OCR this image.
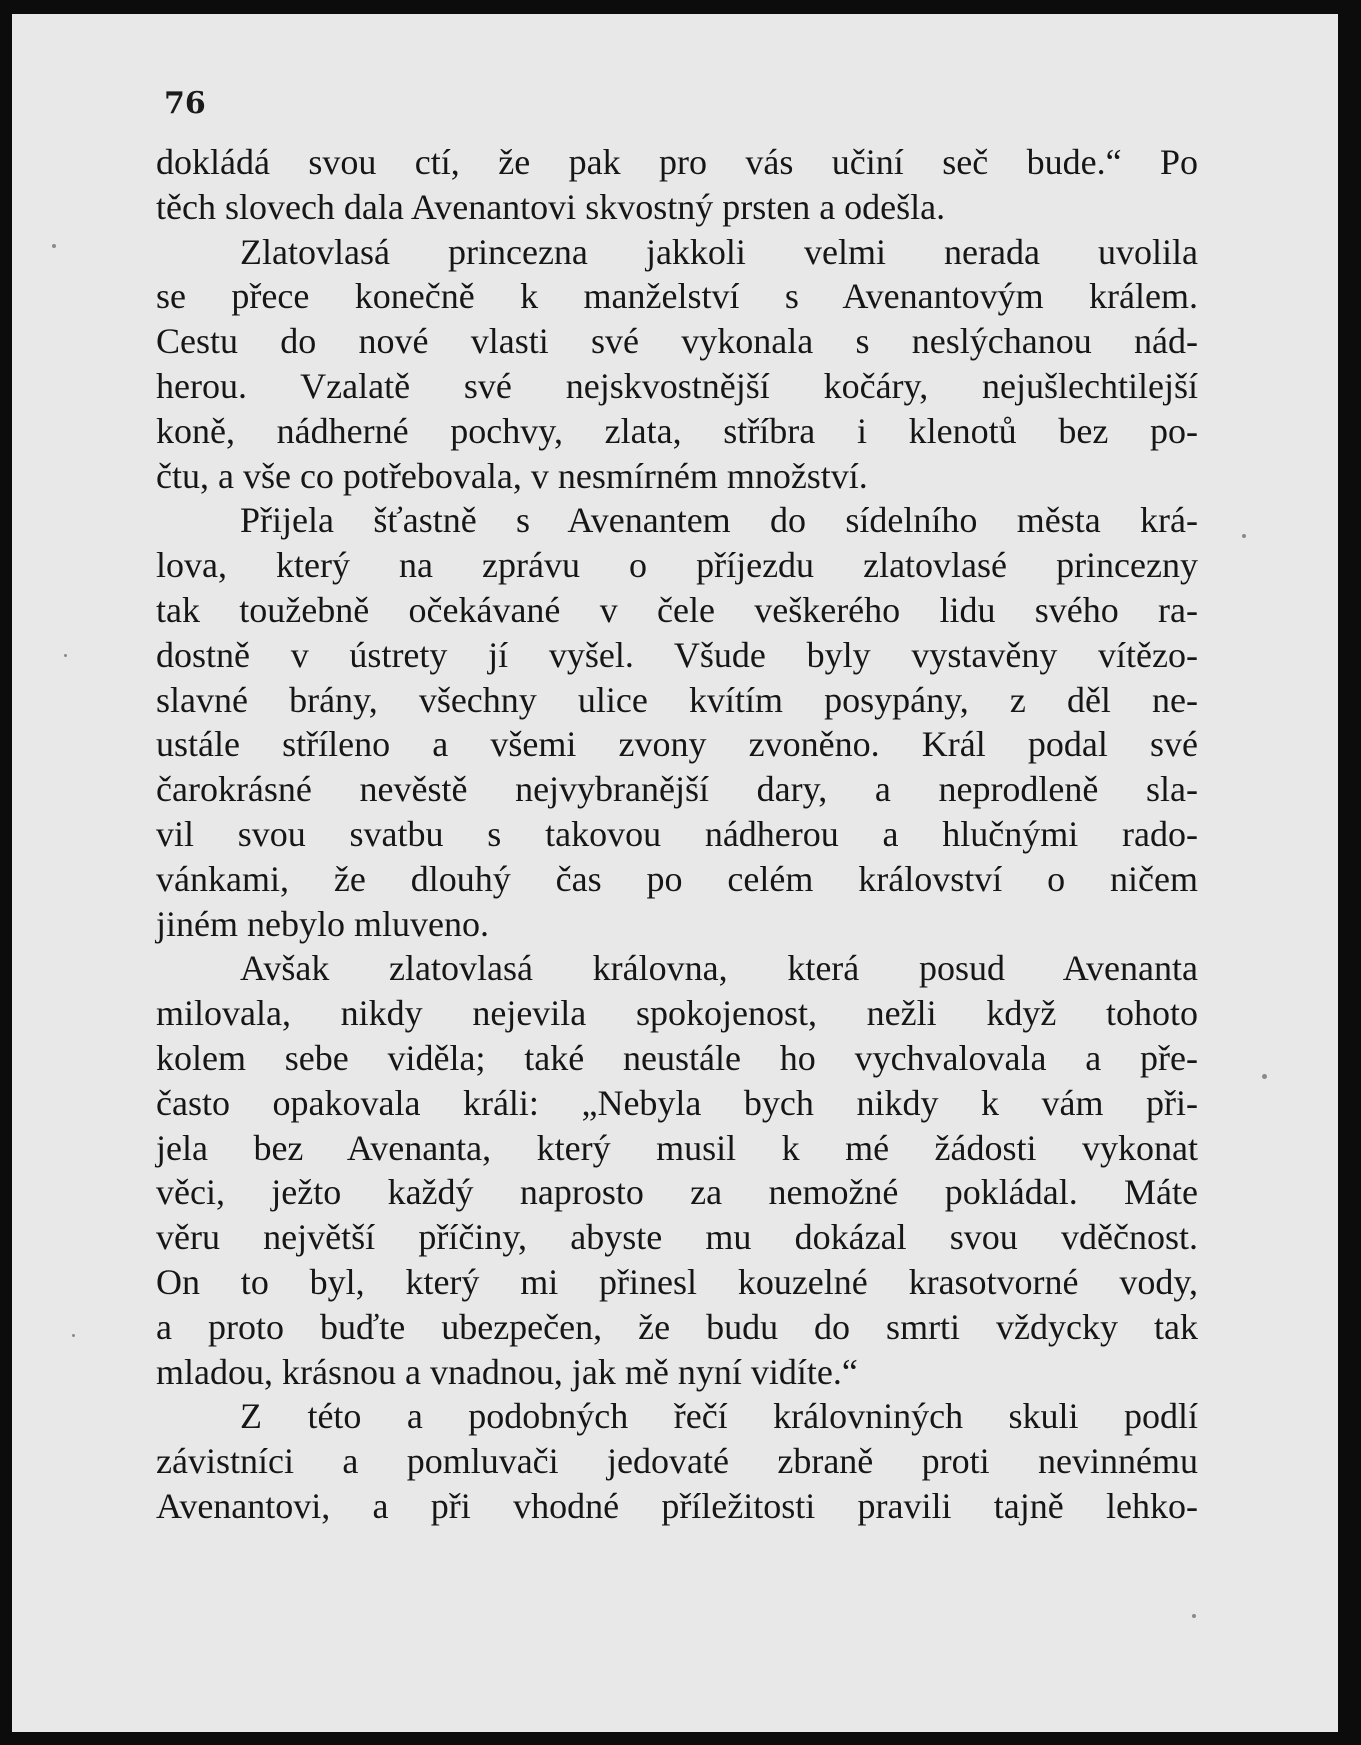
76
dokládá svou ctí, že pak pro vás učiní seč bude.“ Po
těch slovech dala Avenantovi skvostný prsten a odešla.
Zlatovlasá princezna jakkoli velmi nerada uvolila
se přece konečně k manželství s Avenantovým králem.
Cestu do nové vlasti své vykonala s neslýchanou nád-
herou. Vzalatě své nejskvostnější kočáry, nejušlechtilejší
koně, nádherné pochvy, zlata, stříbra i klenotů bez po-
čtu, a vše co potřebovala, v nesmírném množství.
Přijela šťastně s Avenantem do sídelního města krá-
lova, který na zprávu o příjezdu zlatovlasé princezny
tak toužebně očekávané v čele veškerého lidu svého ra-
dostně v ústrety jí vyšel. Všude byly vystavěny vítězo-
slavné brány, všechny ulice kvítím posypány, z děl ne-
ustále stříleno a všemi zvony zvoněno. Král podal své
čarokrásné nevěstě nejvybranější dary, a neprodleně sla-
vil svou svatbu s takovou nádherou a hlučnými rado-
vánkami, že dlouhý čas po celém království o ničem
jiném nebylo mluveno.
Avšak zlatovlasá královna, která posud Avenanta
milovala, nikdy nejevila spokojenost, nežli když tohoto
kolem sebe viděla; také neustále ho vychvalovala a pře-
často opakovala králi: „Nebyla bych nikdy k vám při-
jela bez Avenanta, který musil k mé žádosti vykonat
věci, ježto každý naprosto za nemožné pokládal. Máte
věru největší příčiny, abyste mu dokázal svou vděčnost.
On to byl, který mi přinesl kouzelné krasotvorné vody,
a proto buďte ubezpečen, že budu do smrti vždycky tak
mladou, krásnou a vnadnou, jak mě nyní vidíte.“
Z této a podobných řečí královniných skuli podlí
závistníci a pomluvači jedovaté zbraně proti nevinnému
Avenantovi, a při vhodné příležitosti pravili tajně lehko-
